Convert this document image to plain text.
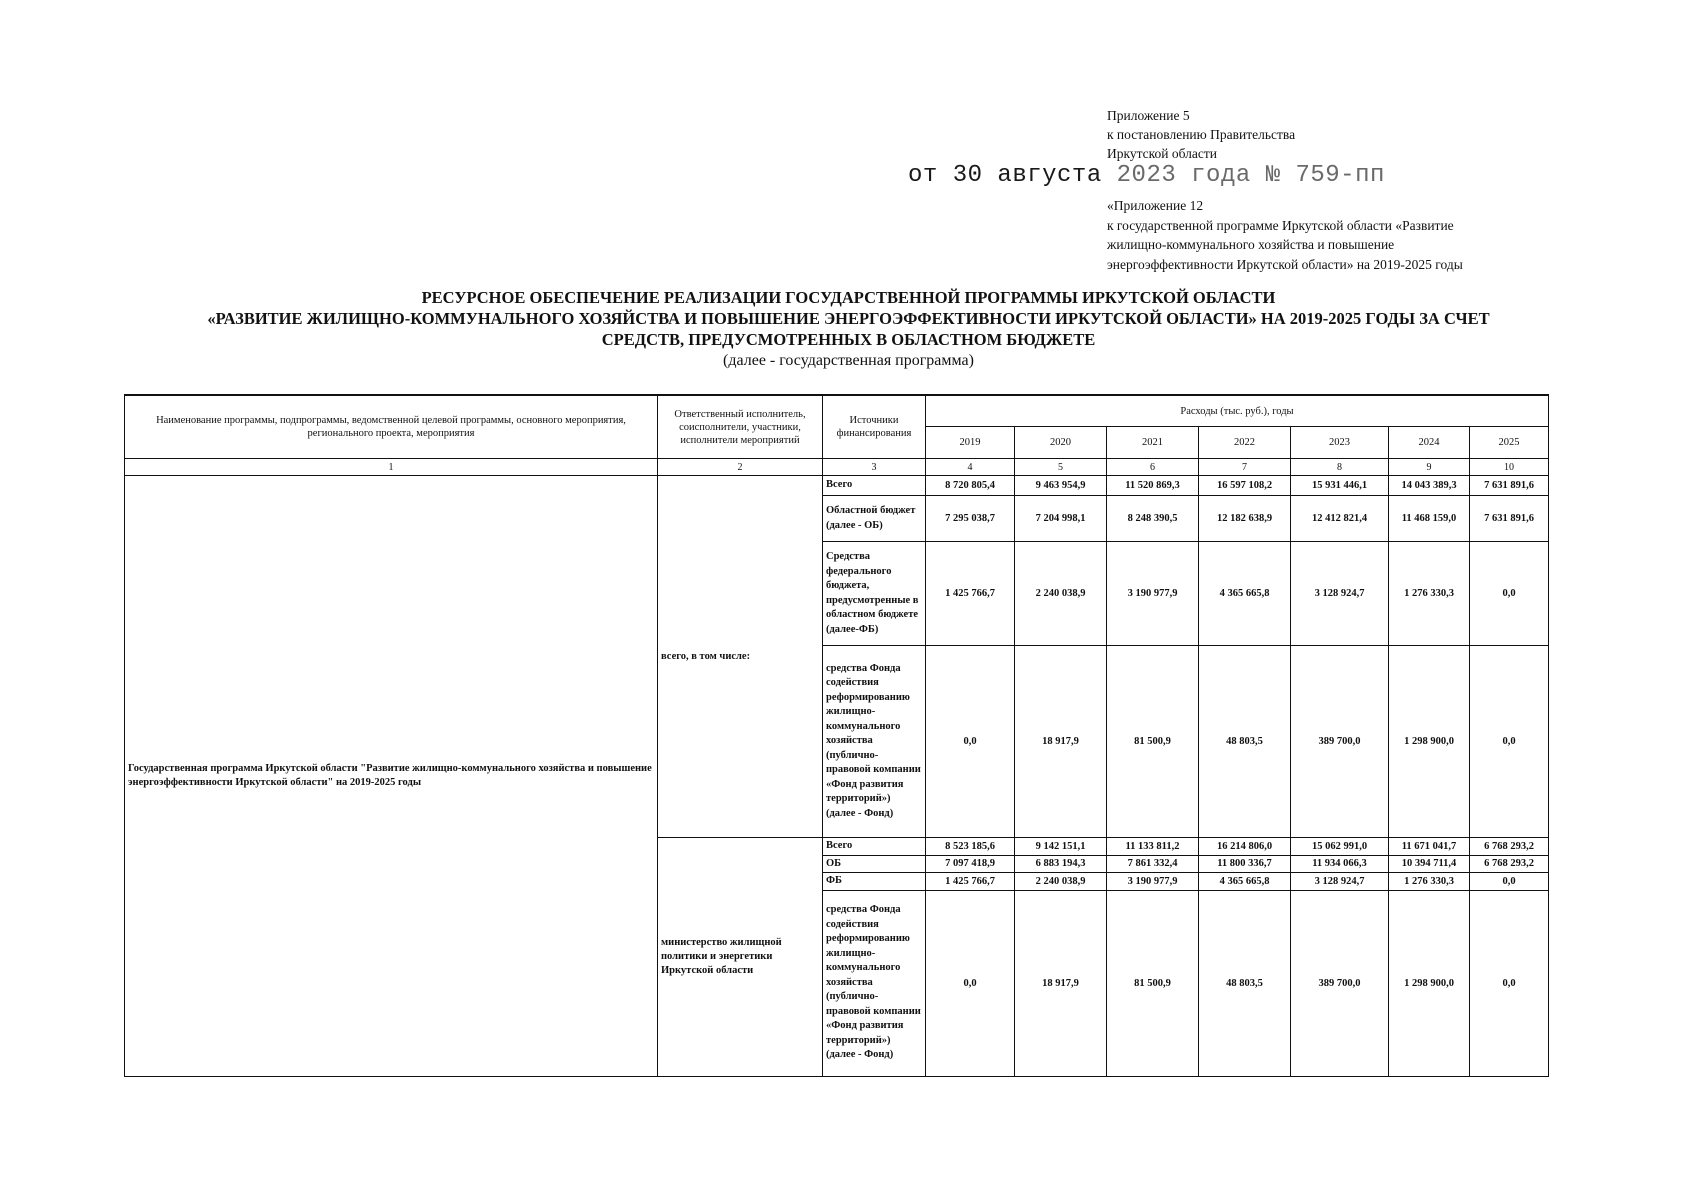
Приложение 5
к постановлению Правительства
Иркутской области
от 30 августа 2023 года № 759-пп
«Приложение 12
к государственной программе Иркутской области «Развитие
жилищно-коммунального хозяйства и повышение
энергоэффективности Иркутской области» на 2019-2025 годы
РЕСУРСНОЕ ОБЕСПЕЧЕНИЕ РЕАЛИЗАЦИИ ГОСУДАРСТВЕННОЙ ПРОГРАММЫ ИРКУТСКОЙ ОБЛАСТИ
«РАЗВИТИЕ ЖИЛИЩНО-КОММУНАЛЬНОГО ХОЗЯЙСТВА И ПОВЫШЕНИЕ ЭНЕРГОЭФФЕКТИВНОСТИ ИРКУТСКОЙ ОБЛАСТИ» НА 2019-2025 ГОДЫ ЗА СЧЕТ
СРЕДСТВ, ПРЕДУСМОТРЕННЫХ В ОБЛАСТНОМ БЮДЖЕТЕ
(далее - государственная программа)
Наименование программы, подпрограммы, ведомственной целевой программы, основного мероприятия, регионального проекта, мероприятия	Ответственный исполнитель, соисполнители, участники, исполнители мероприятий	Источники финансирования	Расходы (тыс. руб.), годы						
			2019	2020	2021	2022	2023	2024	2025
1	2	3	4	5	6	7	8	9	10
Государственная программа Иркутской области "Развитие жилищно-коммунального хозяйства и повышение энергоэффективности Иркутской области" на 2019-2025 годы	всего, в том числе:	Всего	8 720 805,4	9 463 954,9	11 520 869,3	16 597 108,2	15 931 446,1	14 043 389,3	7 631 891,6
		Областной бюджет (далее - ОБ)	7 295 038,7	7 204 998,1	8 248 390,5	12 182 638,9	12 412 821,4	11 468 159,0	7 631 891,6
		Средства федерального бюджета, предусмотренные в областном бюджете (далее-ФБ)	1 425 766,7	2 240 038,9	3 190 977,9	4 365 665,8	3 128 924,7	1 276 330,3	0,0
		средства Фонда содействия реформированию жилищно-коммунального хозяйства (публично-правовой компании «Фонд развития территорий») (далее - Фонд)	0,0	18 917,9	81 500,9	48 803,5	389 700,0	1 298 900,0	0,0
	министерство жилищной политики и энергетики Иркутской области	Всего	8 523 185,6	9 142 151,1	11 133 811,2	16 214 806,0	15 062 991,0	11 671 041,7	6 768 293,2
		ОБ	7 097 418,9	6 883 194,3	7 861 332,4	11 800 336,7	11 934 066,3	10 394 711,4	6 768 293,2
		ФБ	1 425 766,7	2 240 038,9	3 190 977,9	4 365 665,8	3 128 924,7	1 276 330,3	0,0
		средства Фонда содействия реформированию жилищно-коммунального хозяйства (публично-правовой компании «Фонд развития территорий») (далее - Фонд)	0,0	18 917,9	81 500,9	48 803,5	389 700,0	1 298 900,0	0,0
